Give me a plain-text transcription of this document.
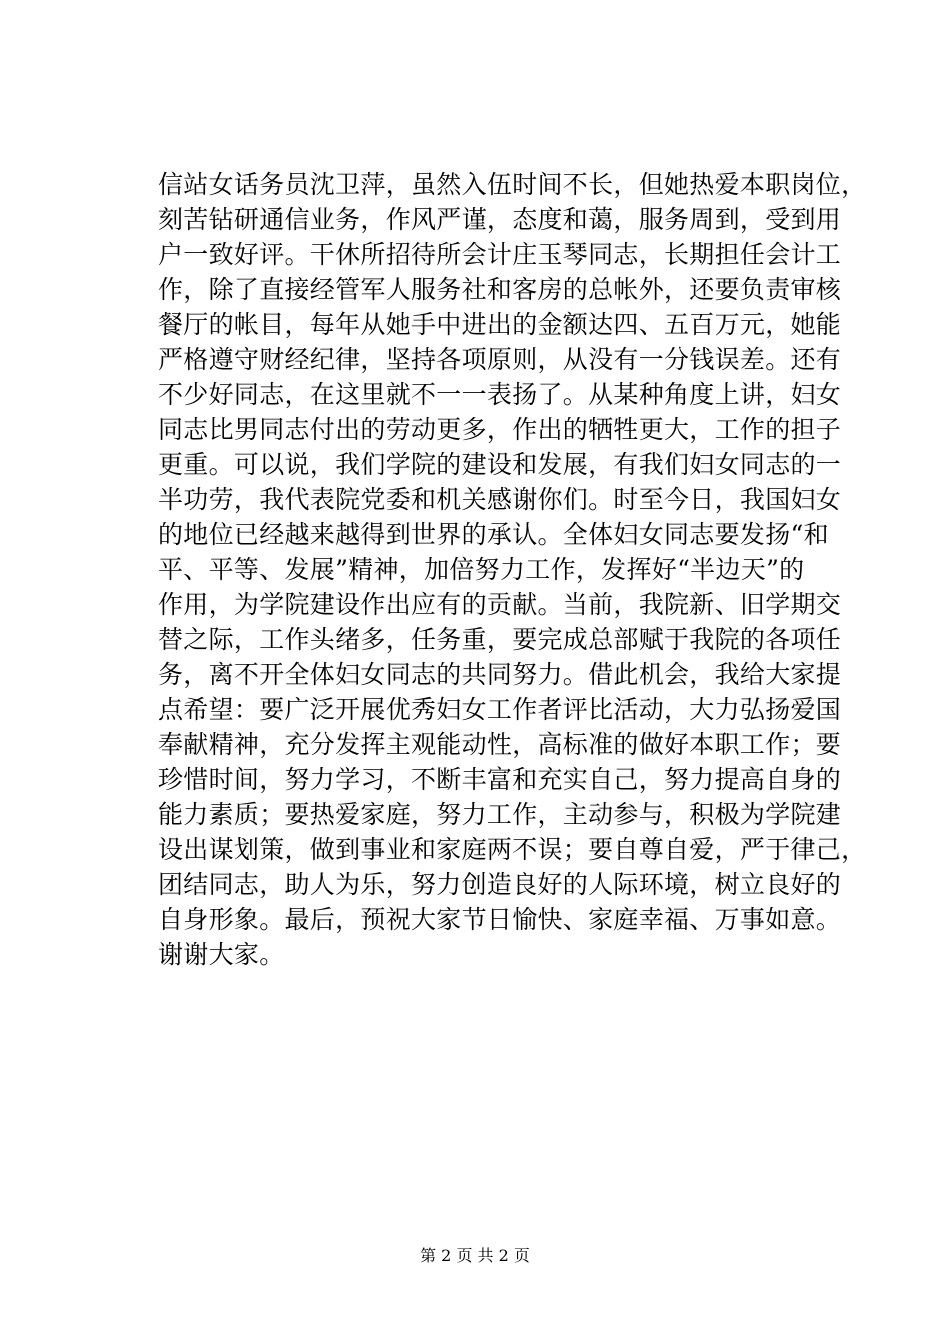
信站女话务员沈卫萍，虽然入伍时间不长，但她热爱本职岗位，
刻苦钻研通信业务，作风严谨，态度和蔼，服务周到，受到用
户一致好评。干休所招待所会计庄玉琴同志，长期担任会计工
作，除了直接经管军人服务社和客房的总帐外，还要负责审核
餐厅的帐目，每年从她手中进出的金额达四、五百万元，她能
严格遵守财经纪律，坚持各项原则，从没有一分钱误差。还有
不少好同志，在这里就不一一表扬了。从某种角度上讲，妇女
同志比男同志付出的劳动更多，作出的牺牲更大，工作的担子
更重。可以说，我们学院的建设和发展，有我们妇女同志的一
半功劳，我代表院党委和机关感谢你们。时至今日，我国妇女
的地位已经越来越得到世界的承认。全体妇女同志要发扬“和
平、平等、发展”精神，加倍努力工作，发挥好“半边天”的
作用，为学院建设作出应有的贡献。当前，我院新、旧学期交
替之际，工作头绪多，任务重，要完成总部赋于我院的各项任
务，离不开全体妇女同志的共同努力。借此机会，我给大家提
点希望：要广泛开展优秀妇女工作者评比活动，大力弘扬爱国
奉献精神，充分发挥主观能动性，高标准的做好本职工作；要
珍惜时间，努力学习，不断丰富和充实自己，努力提高自身的
能力素质；要热爱家庭，努力工作，主动参与，积极为学院建
设出谋划策，做到事业和家庭两不误；要自尊自爱，严于律己，
团结同志，助人为乐，努力创造良好的人际环境，树立良好的
自身形象。最后，预祝大家节日愉快、家庭幸福、万事如意。
谢谢大家。
第 2 页 共 2 页
